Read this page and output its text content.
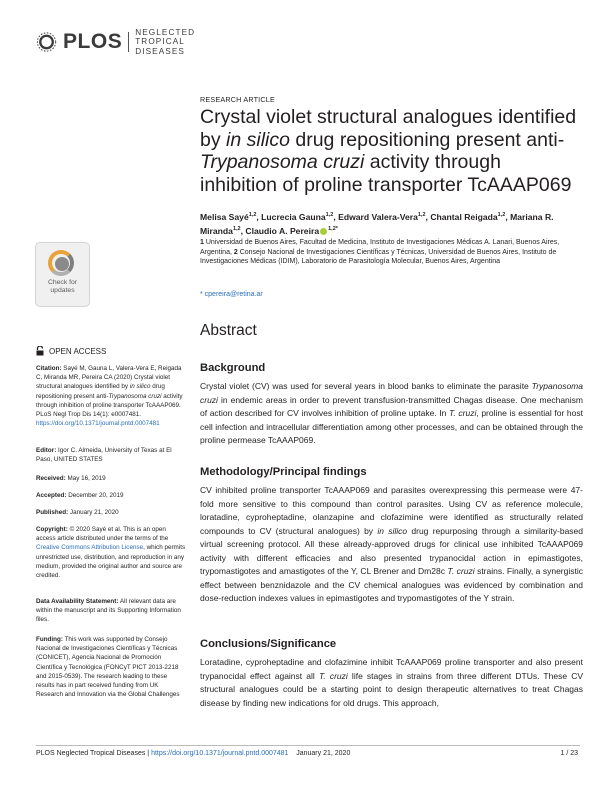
PLOS NEGLECTED
TROPICAL DISEASES
RESEARCH ARTICLE
Crystal violet structural analogues identified by in silico drug repositioning present anti-
Trypanosoma cruzi activity through inhibition of proline transporter TcAAAP069
Melisa Sayé$^{1,2}$, Lucrecia Gauna$^{1,2}$, Edward Valera-Vera$^{1,2}$, Chantal Reigada$^{1,2}$, Mariana R. Miranda$^{1,2}$, Claudio A. Pereira $^{1,2*}$
1 Universidad de Buenos Aires, Facultad de Medicina, Instituto de Investigaciones Médicas A. Lanari, Buenos Aires, Argentina, 2 Consejo Nacional de Investigaciones Científicas y Técnicas, Universidad de Buenos Aires, Instituto de Investigaciones Médicas (IDIM), Laboratorio de Parasitología Molecular, Buenos Aires, Argentina
* cpereira@retina.ar
Check for
updates
OPEN ACCESS
Citation: Sayé M, Gauna L, Valera-Vera E, Reigada C, Miranda MR, Pereira CA (2020) Crystal violet structural analogues identified by in silico drug repositioning present anti-Trypanosoma cruzi activity through inhibition of proline transporter TcAAAP069. PLoS Negl Trop Dis 14(1): e0007481. https://doi.org/10.1371/journal.pntd.0007481
Editor: Igor C. Almeida, University of Texas at El Paso, UNITED STATES
Received: May 16, 2019
Accepted: December 20, 2019
Published: January 21, 2020
Copyright: © 2020 Sayé et al. This is an open access article distributed under the terms of the Creative Commons Attribution License, which permits unrestricted use, distribution, and reproduction in any medium, provided the original author and source are credited.
Data Availability Statement: All relevant data are within the manuscript and its Supporting Information files.
Funding: This work was supported by Consejo Nacional de Investigaciones Científicas y Técnicas (CONICET), Agencia Nacional de Promoción Científica y Tecnológica (FONCyT PICT 2013-2218 and 2015-0539). The research leading to these results has in part received funding from UK Research and Innovation via the Global Challenges
Abstract
Background
Crystal violet (CV) was used for several years in blood banks to eliminate the parasite Trypanosoma cruzi in endemic areas in order to prevent transfusion-transmitted Chagas disease. One mechanism of action described for CV involves inhibition of proline uptake. In T. cruzi, proline is essential for host cell infection and intracellular differentiation among other processes, and can be obtained through the proline permease TcAAAP069.
Methodology/Principal findings
CV inhibited proline transporter TcAAAP069 and parasites overexpressing this permease were 47-fold more sensitive to this compound than control parasites. Using CV as reference molecule, loratadine, cyproheptadine, olanzapine and clofazimine were identified as structurally related compounds to CV (structural analogues) by in silico drug repurposing through a similarity-based virtual screening protocol. All these already-approved drugs for clinical use inhibited TcAAAP069 activity with different efficacies and also presented trypanocidal action in epimastigotes, trypomastigotes and amastigotes of the Y, CL Brener and Dm28c T. cruzi strains. Finally, a synergistic effect between benznidazole and the CV chemical analogues was evidenced by combination and dose-reduction indexes values in epimastigotes and trypomastigotes of the Y strain.
Conclusions/Significance
Loratadine, cyproheptadine and clofazimine inhibit TcAAAP069 proline transporter and also present trypanocidal effect against all T. cruzi life stages in strains from three different DTUs. These CV structural analogues could be a starting point to design therapeutic alternatives to treat Chagas disease by finding new indications for old drugs. This approach,
PLOS Neglected Tropical Diseases | https://doi.org/10.1371/journal.pntd.0007481 January 21, 2020	1 / 23
